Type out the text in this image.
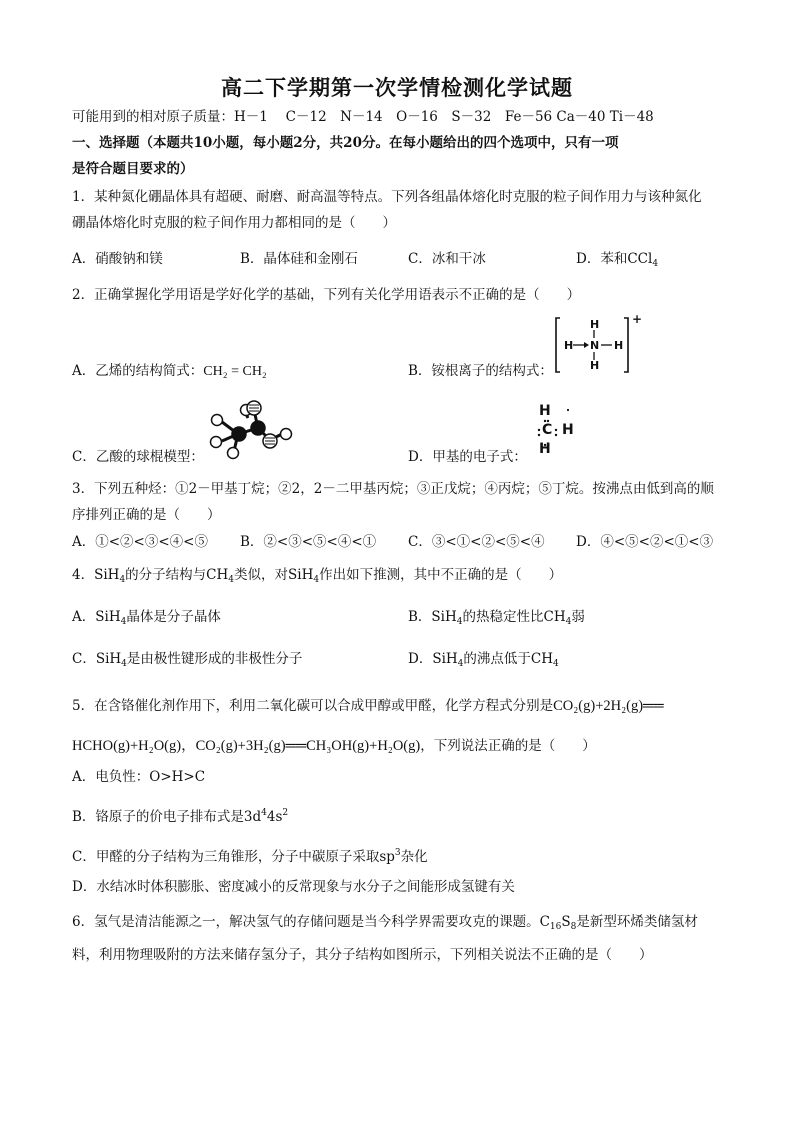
高二下学期第一次学情检测化学试题
可能用到的相对原子质量：H－1　 C－12　N－14　O－16　S－32　Fe－56 Ca－40 Ti－48
一、选择题（本题共10小题，每小题2分，共20分。在每小题给出的四个选项中，只有一项
是符合题目要求的）
1．某种氮化硼晶体具有超硬、耐磨、耐高温等特点。下列各组晶体熔化时克服的粒子间作用力与该种氮化
硼晶体熔化时克服的粒子间作用力都相同的是（　　）
A．硝酸钠和镁	B．晶体硅和金刚石	C．冰和干冰	D．苯和CCl$_4$
2．正确掌握化学用语是学好化学的基础，下列有关化学用语表示不正确的是（　　）
A．乙烯的结构简式：CH₂ = CH₂	B．铵根离子的结构式：
H
H N H
H
+
C．乙酸的球棍模型：	D．甲基的电子式：
H
C H
H
3．下列五种烃：①2－甲基丁烷；②2，2－二甲基丙烷；③正戊烷；④丙烷；⑤丁烷。按沸点由低到高的顺
序排列正确的是（　　）
A．①<②<③<④<⑤ B．②<③<⑤<④<① C．③<①<②<⑤<④ D．④<⑤<②<①<③
4．SiH$_4$的分子结构与$CH_4$类似，对SiH$_4$作出如下推测，其中不正确的是（　　）
A．SiH$_4$晶体是分子晶体	B．SiH$_4$的热稳定性比$CH_4$弱
C．SiH$_4$是由极性键形成的非极性分子	D．SiH$_4$的沸点低于$CH_4$
5．在含铬催化剂作用下，利用二氧化碳可以合成甲醇或甲醛，化学方程式分别是CO₂(g)+2H₂(g)══
HCHO(g)+H₂O(g)，CO₂(g)+3H₂(g)══CH₃OH(g)+H₂O(g)，下列说法正确的是（　　）
A．电负性：O>H>C
B．铬原子的价电子排布式是$3d^44s^2$
C．甲醛的分子结构为三角锥形，分子中碳原子采取$sp^3$杂化
D．水结冰时体积膨胀、密度减小的反常现象与水分子之间能形成氢键有关
6．氢气是清洁能源之一，解决氢气的存储问题是当今科学界需要攻克的课题。$C_{16}S_8$是新型环烯类储氢材
料，利用物理吸附的方法来储存氢分子，其分子结构如图所示，下列相关说法不正确的是（　　）
